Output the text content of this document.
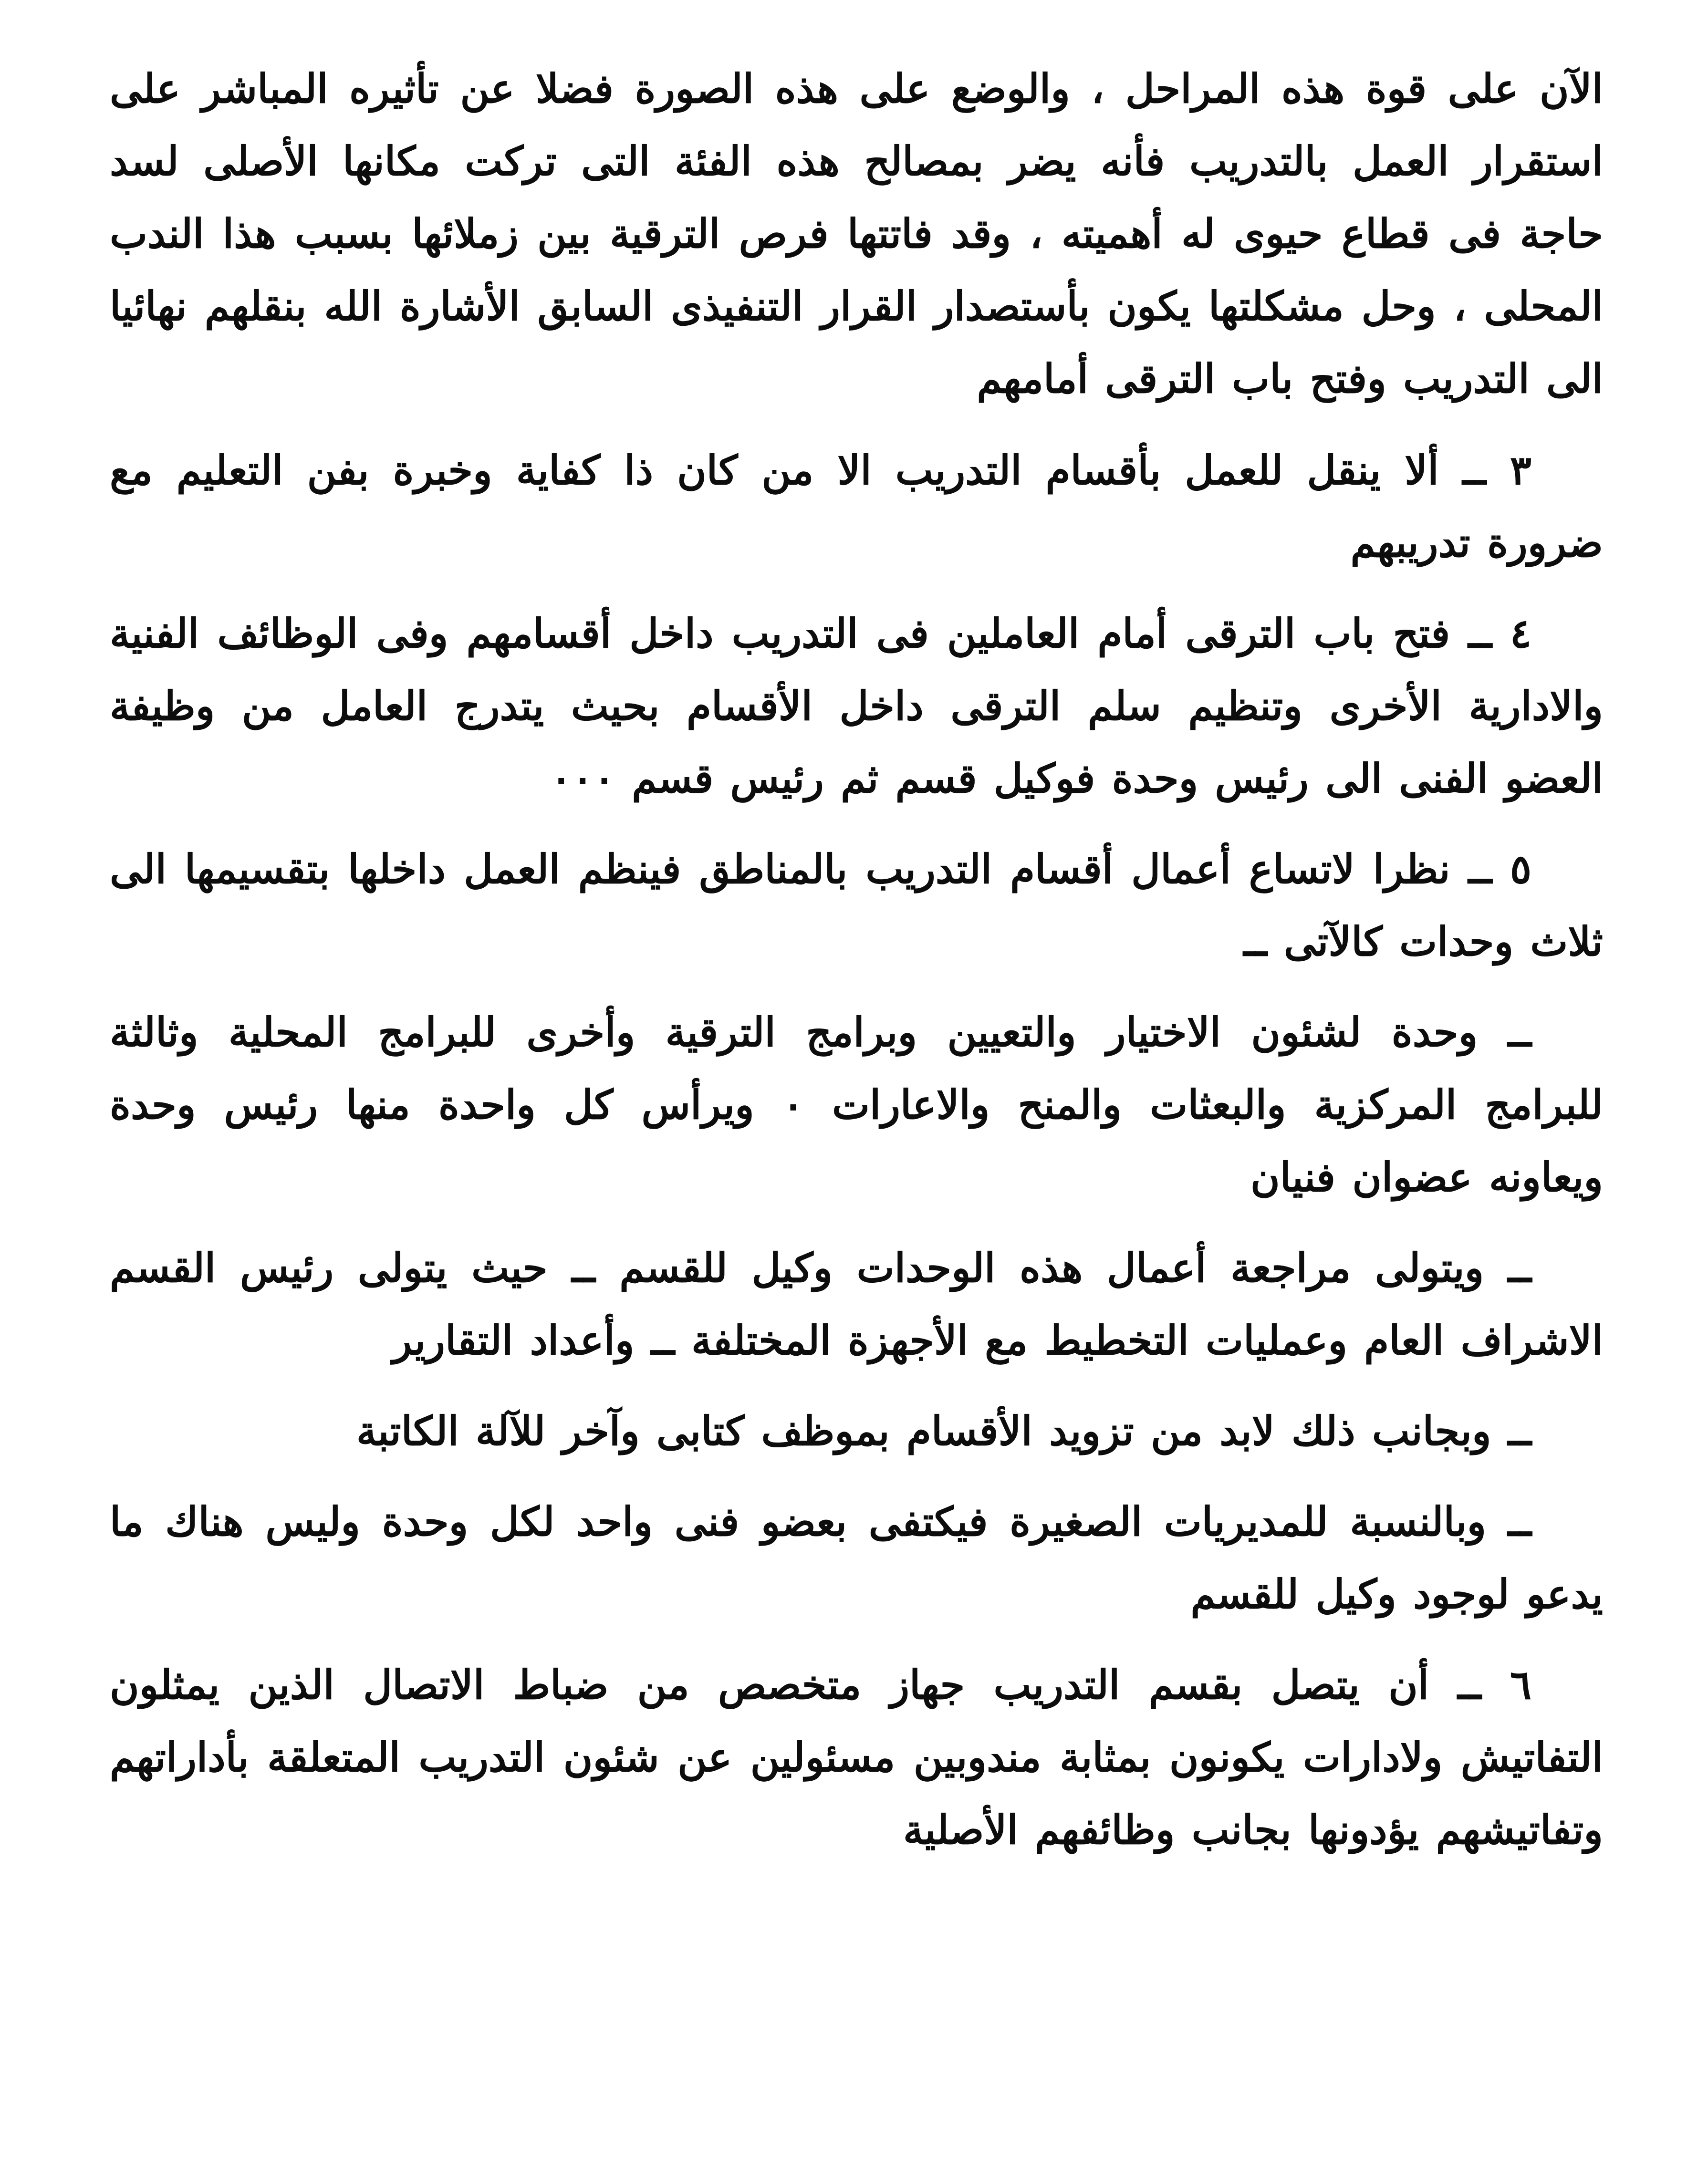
الآن على قوة هذه المراحل ، والوضع على هذه الصورة فضلا عن تأثيره المباشر على استقرار العمل بالتدريب فأنه يضر بمصالح هذه الفئة التى تركت مكانها الأصلى لسد حاجة فى قطاع حيوى له أهميته ، وقد فاتتها فرص الترقية بين زملائها بسبب هذا الندب المحلى ، وحل مشكلتها يكون بأستصدار القرار التنفيذى السابق الأشارة الله بنقلهم نهائيا الى التدريب وفتح باب الترقى أمامهم

٣ ــ ألا ينقل للعمل بأقسام التدريب الا من كان ذا كفاية وخبرة بفن التعليم مع ضرورة تدريبهم

٤ ــ فتح باب الترقى أمام العاملين فى التدريب داخل أقسامهم وفى الوظائف الفنية والادارية الأخرى وتنظيم سلم الترقى داخل الأقسام بحيث يتدرج العامل من وظيفة العضو الفنى الى رئيس وحدة فوكيل قسم ثم رئيس قسم ٠٠٠

٥ ــ نظرا لاتساع أعمال أقسام التدريب بالمناطق فينظم العمل داخلها بتقسيمها الى ثلاث وحدات كالآتى ــ

ــ وحدة لشئون الاختيار والتعيين وبرامج الترقية وأخرى للبرامج المحلية وثالثة للبرامج المركزية والبعثات والمنح والاعارات ٠ ويرأس كل واحدة منها رئيس وحدة ويعاونه عضوان فنيان

ــ ويتولى مراجعة أعمال هذه الوحدات وكيل للقسم ــ حيث يتولى رئيس القسم الاشراف العام وعمليات التخطيط مع الأجهزة المختلفة ــ وأعداد التقارير

ــ وبجانب ذلك لابد من تزويد الأقسام بموظف كتابى وآخر للآلة الكاتبة

ــ وبالنسبة للمديريات الصغيرة فيكتفى بعضو فنى واحد لكل وحدة وليس هناك ما يدعو لوجود وكيل للقسم

٦ ــ أن يتصل بقسم التدريب جهاز متخصص من ضباط الاتصال الذين يمثلون التفاتيش ولادارات يكونون بمثابة مندوبين مسئولين عن شئون التدريب المتعلقة بأداراتهم وتفاتيشهم يؤدونها بجانب وظائفهم الأصلية
